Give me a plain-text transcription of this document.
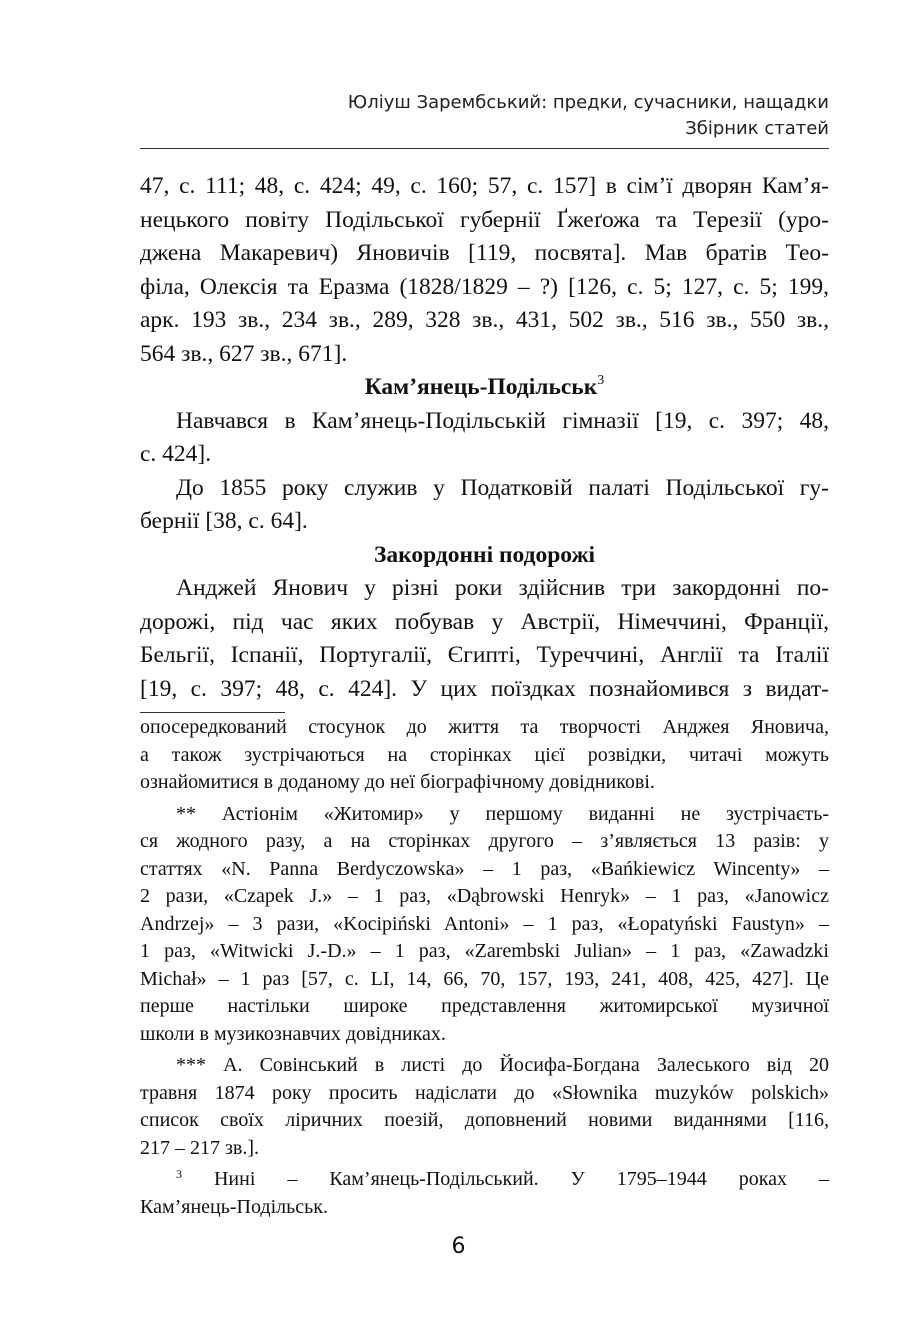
Юліуш Зарембський: предки, сучасники, нащадки
Збірник статей
47, с. 111; 48, с. 424; 49, с. 160; 57, с. 157] в сім’ї дворян Кам’я-
нецького повіту Подільської губернії Ґжеґожа та Терезії (уро-
джена Макаревич) Яновичів [119, посвята]. Мав братів Тео-
філа, Олексія та Еразма (1828/1829 – ?) [126, с. 5; 127, с. 5; 199,
арк. 193 зв., 234 зв., 289, 328 зв., 431, 502 зв., 516 зв., 550 зв.,
564 зв., 627 зв., 671].
Кам’янець-Подільськ$^3$
Навчався в Кам’янець-Подільській гімназії [19, с. 397; 48,
с. 424].
До 1855 року служив у Податковій палаті Подільської гу-
бернії [38, с. 64].
Закордонні подорожі
Анджей Янович у різні роки здійснив три закордонні по-
дорожі, під час яких побував у Австрії, Німеччині, Франції,
Бельгії, Іспанії, Португалії, Єгипті, Туреччині, Англії та Італії
[19, с. 397; 48, с. 424]. У цих поїздках познайомився з видат-
опосередкований стосунок до життя та творчості Анджея Яновича,
а також зустрічаються на сторінках цієї розвідки, читачі можуть
ознайомитися в доданому до неї біографічному довідникові.
** Астіонім «Житомир» у першому виданні не зустрічаєть-
ся жодного разу, а на сторінках другого – з’являється 13 разів: у
статтях «N. Panna Berdyczowska» – 1 раз, «Bańkiewicz Wincenty» –
2 рази, «Czapek J.» – 1 раз, «Dąbrowski Henryk» – 1 раз, «Janowicz
Andrzej» – 3 рази, «Kocipiński Antoni» – 1 раз, «Łopatyński Faustyn» –
1 раз, «Witwicki J.-D.» – 1 раз, «Zarembski Julian» – 1 раз, «Zawadzki
Michał» – 1 раз [57, с. LI, 14, 66, 70, 157, 193, 241, 408, 425, 427]. Це
перше настільки широке представлення житомирської музичної
школи в музикознавчих довідниках.
*** А. Совінський в листі до Йосифа-Богдана Залеського від 20
травня 1874 року просить надіслати до «Słownika muzyków polskich»
список своїх ліричних поезій, доповнений новими виданнями [116,
217 – 217 зв.].
$^3$ Нині – Кам’янець-Подільський. У 1795–1944 роках –
Кам’янець-Подільськ.
6
